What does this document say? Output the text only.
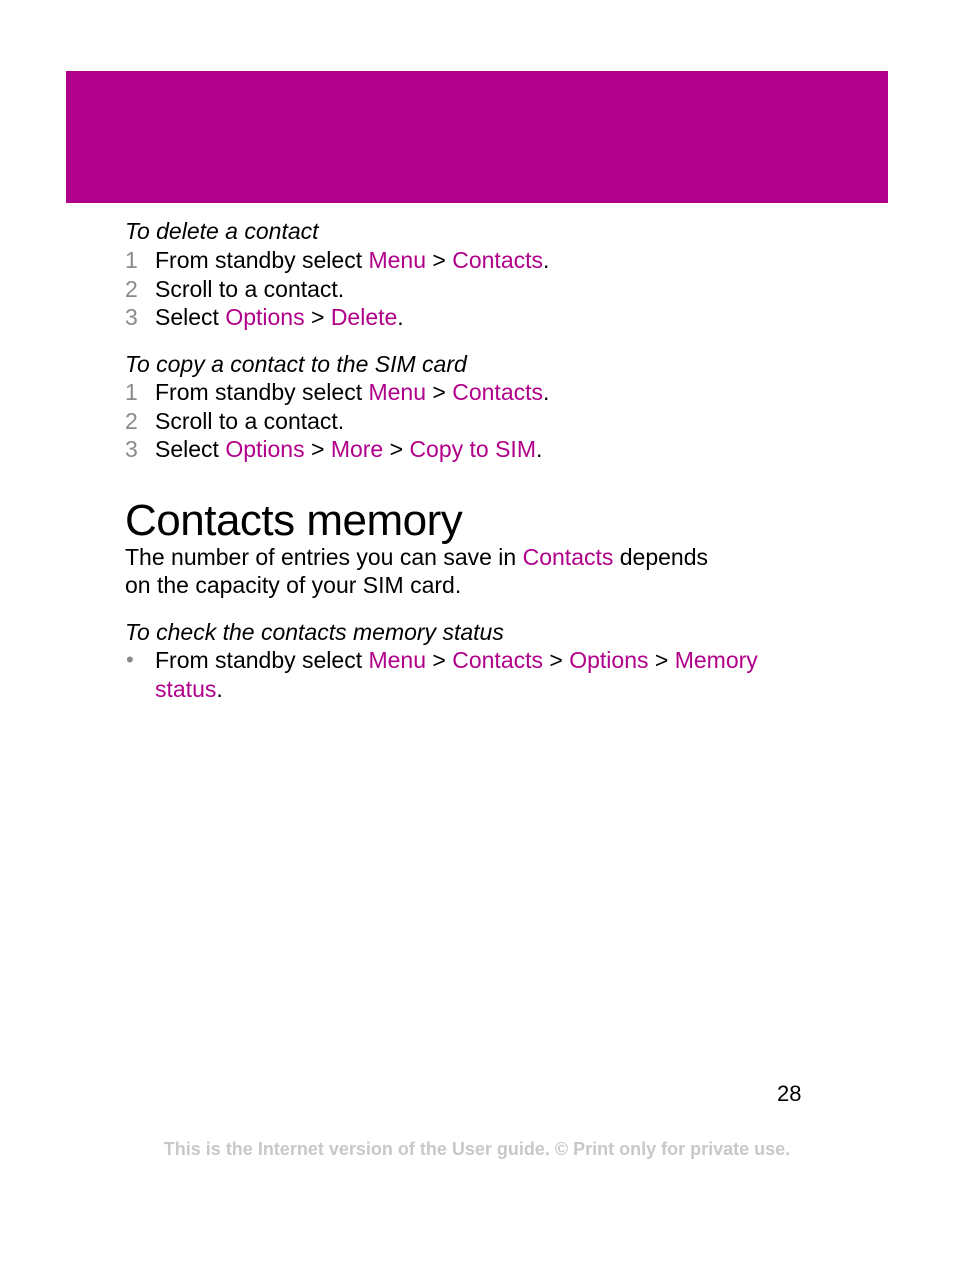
To delete a contact
1 From standby select Menu > Contacts.
2 Scroll to a contact.
3 Select Options > Delete.
To copy a contact to the SIM card
1 From standby select Menu > Contacts.
2 Scroll to a contact.
3 Select Options > More > Copy to SIM.
Contacts memory
The number of entries you can save in Contacts depends
on the capacity of your SIM card.
To check the contacts memory status
• From standby select Menu > Contacts > Options > Memory
status.
28
This is the Internet version of the User guide. © Print only for private use.
